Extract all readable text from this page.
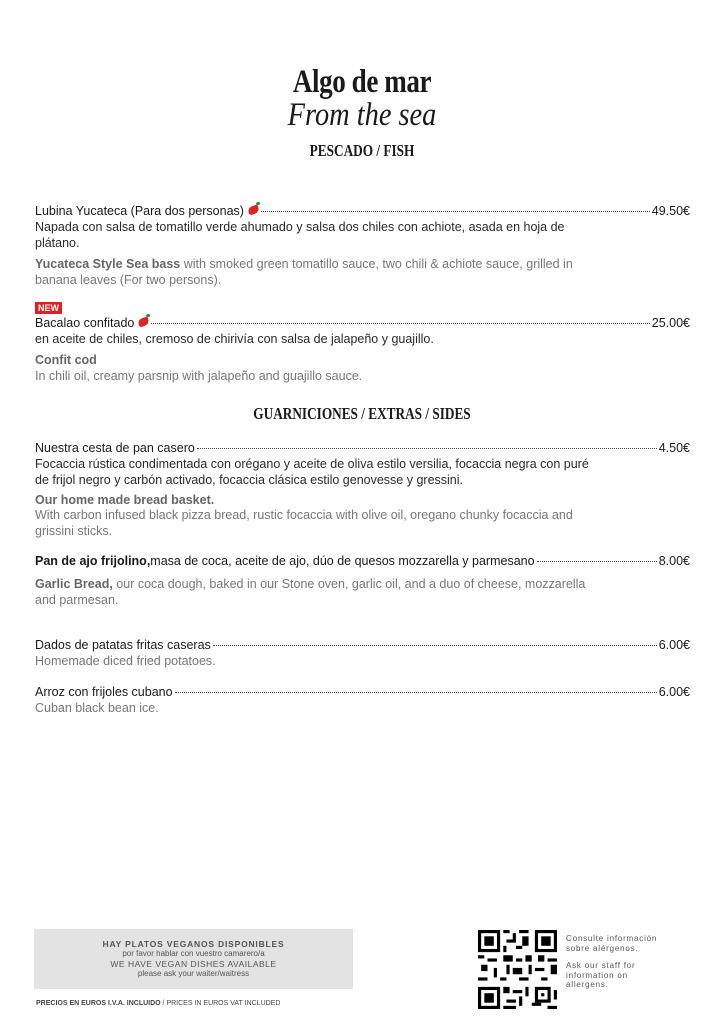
Algo de mar
From the sea
PESCADO / FISH
Lubina Yucateca (Para dos personas)	49.50€
Napada con salsa de tomatillo verde ahumado y salsa dos chiles con achiote, asada en hoja de plátano.
Yucateca Style Sea bass with smoked green tomatillo sauce, two chili & achiote sauce, grilled in banana leaves (For two persons).
NEW
Bacalao confitado	25.00€
en aceite de chiles, cremoso de chirivía con salsa de jalapeño y guajillo.
Confit cod
In chili oil, creamy parsnip with jalapeño and guajillo sauce.
GUARNICIONES / EXTRAS / SIDES
Nuestra cesta de pan casero	4.50€
Focaccia rústica condimentada con orégano y aceite de oliva estilo versilia, focaccia negra con puré de frijol negro y carbón activado, focaccia clásica estilo genovesse y gressini.
Our home made bread basket.
With carbon infused black pizza bread, rustic focaccia with olive oil, oregano chunky focaccia and grissini sticks.
Pan de ajo frijolino, masa de coca, aceite de ajo, dúo de quesos mozzarella y parmesano	8.00€
Garlic Bread, our coca dough, baked in our Stone oven, garlic oil, and a duo of cheese, mozzarella and parmesan.
Dados de patatas fritas caseras	6.00€
Homemade diced fried potatoes.
Arroz con frijoles cubano	6.00€
Cuban black bean ice.
HAY PLATOS VEGANOS DISPONIBLES
por favor hablar con vuestro camarero/a
WE HAVE VEGAN DISHES AVAILABLE
please ask your waiter/waitress
PRECIOS EN EUROS I.V.A. INCLUIDO / PRICES IN EUROS VAT INCLUDED
Consulte información
sobre alérgenos.
Ask our staff for
information on
allergens.
